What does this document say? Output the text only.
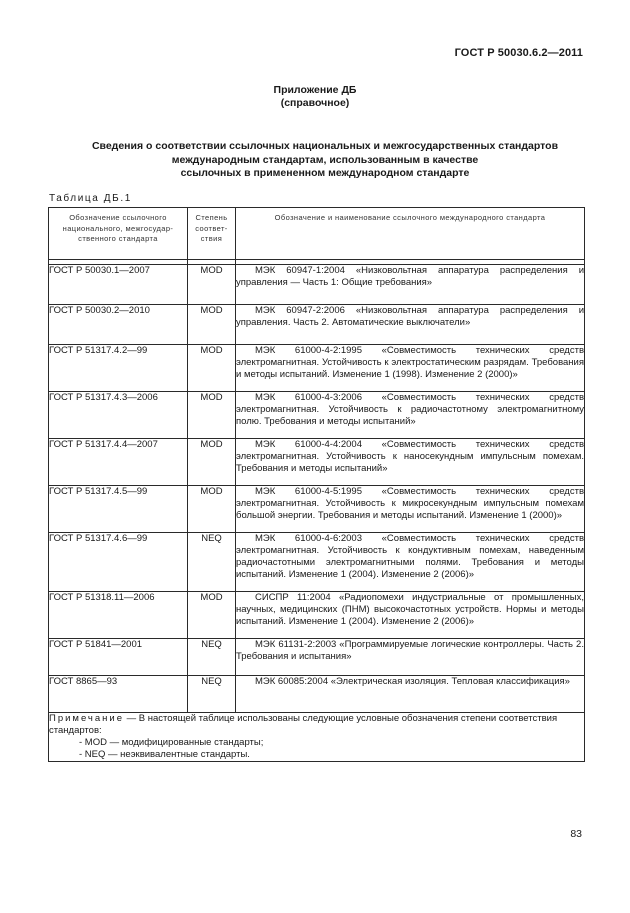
ГОСТ Р 50030.6.2—2011
Приложение ДБ
(справочное)
Сведения о соответствии ссылочных национальных и межгосударственных стандартов
международным стандартам, использованным в качестве
ссылочных в примененном международном стандарте
Таблица ДБ.1
Обозначение ссылочного национального, межгосудар-ственного стандарта	Степень соответ-ствия	Обозначение и наименование ссылочного международного стандарта

ГОСТ Р 50030.1—2007	MOD	МЭК 60947-1:2004 «Низковольтная аппаратура распределения и управления — Часть 1: Общие требования»
ГОСТ Р 50030.2—2010	MOD	МЭК 60947-2:2006 «Низковольтная аппаратура распределения и управления. Часть 2. Автоматические выключатели»
ГОСТ Р 51317.4.2—99	MOD	МЭК 61000-4-2:1995 «Совместимость технических средств электромагнитная. Устойчивость к электростатическим разрядам. Требования и методы испытаний. Изменение 1 (1998). Изменение 2 (2000)»
ГОСТ Р 51317.4.3—2006	MOD	МЭК 61000-4-3:2006 «Совместимость технических средств электромагнитная. Устойчивость к радиочастотному электромагнитному полю. Требования и методы испытаний»
ГОСТ Р 51317.4.4—2007	MOD	МЭК 61000-4-4:2004 «Совместимость технических средств электромагнитная. Устойчивость к наносекундным импульсным помехам. Требования и методы испытаний»
ГОСТ Р 51317.4.5—99	MOD	МЭК 61000-4-5:1995 «Совместимость технических средств электромагнитная. Устойчивость к микросекундным импульсным помехам большой энергии. Требования и методы испытаний. Изменение 1 (2000)»
ГОСТ Р 51317.4.6—99	NEQ	МЭК 61000-4-6:2003 «Совместимость технических средств электромагнитная. Устойчивость к кондуктивным помехам, наведенным радиочастотными электромагнитными полями. Требования и методы испытаний. Изменение 1 (2004). Изменение 2 (2006)»
ГОСТ Р 51318.11—2006	MOD	СИСПР 11:2004 «Радиопомехи индустриальные от промышленных, научных, медицинских (ПНМ) высокочастотных устройств. Нормы и методы испытаний. Изменение 1 (2004). Изменение 2 (2006)»
ГОСТ Р 51841—2001	NEQ	МЭК 61131-2:2003 «Программируемые логические контроллеры. Часть 2. Требования и испытания»
ГОСТ 8865—93	NEQ	МЭК 60085:2004 «Электрическая изоляция. Тепловая классификация»

Примечание — В настоящей таблице использованы следующие условные обозначения степени соответствия стандартов:
- MOD — модифицированные стандарты;
- NEQ — неэквивалентные стандарты.		
83
